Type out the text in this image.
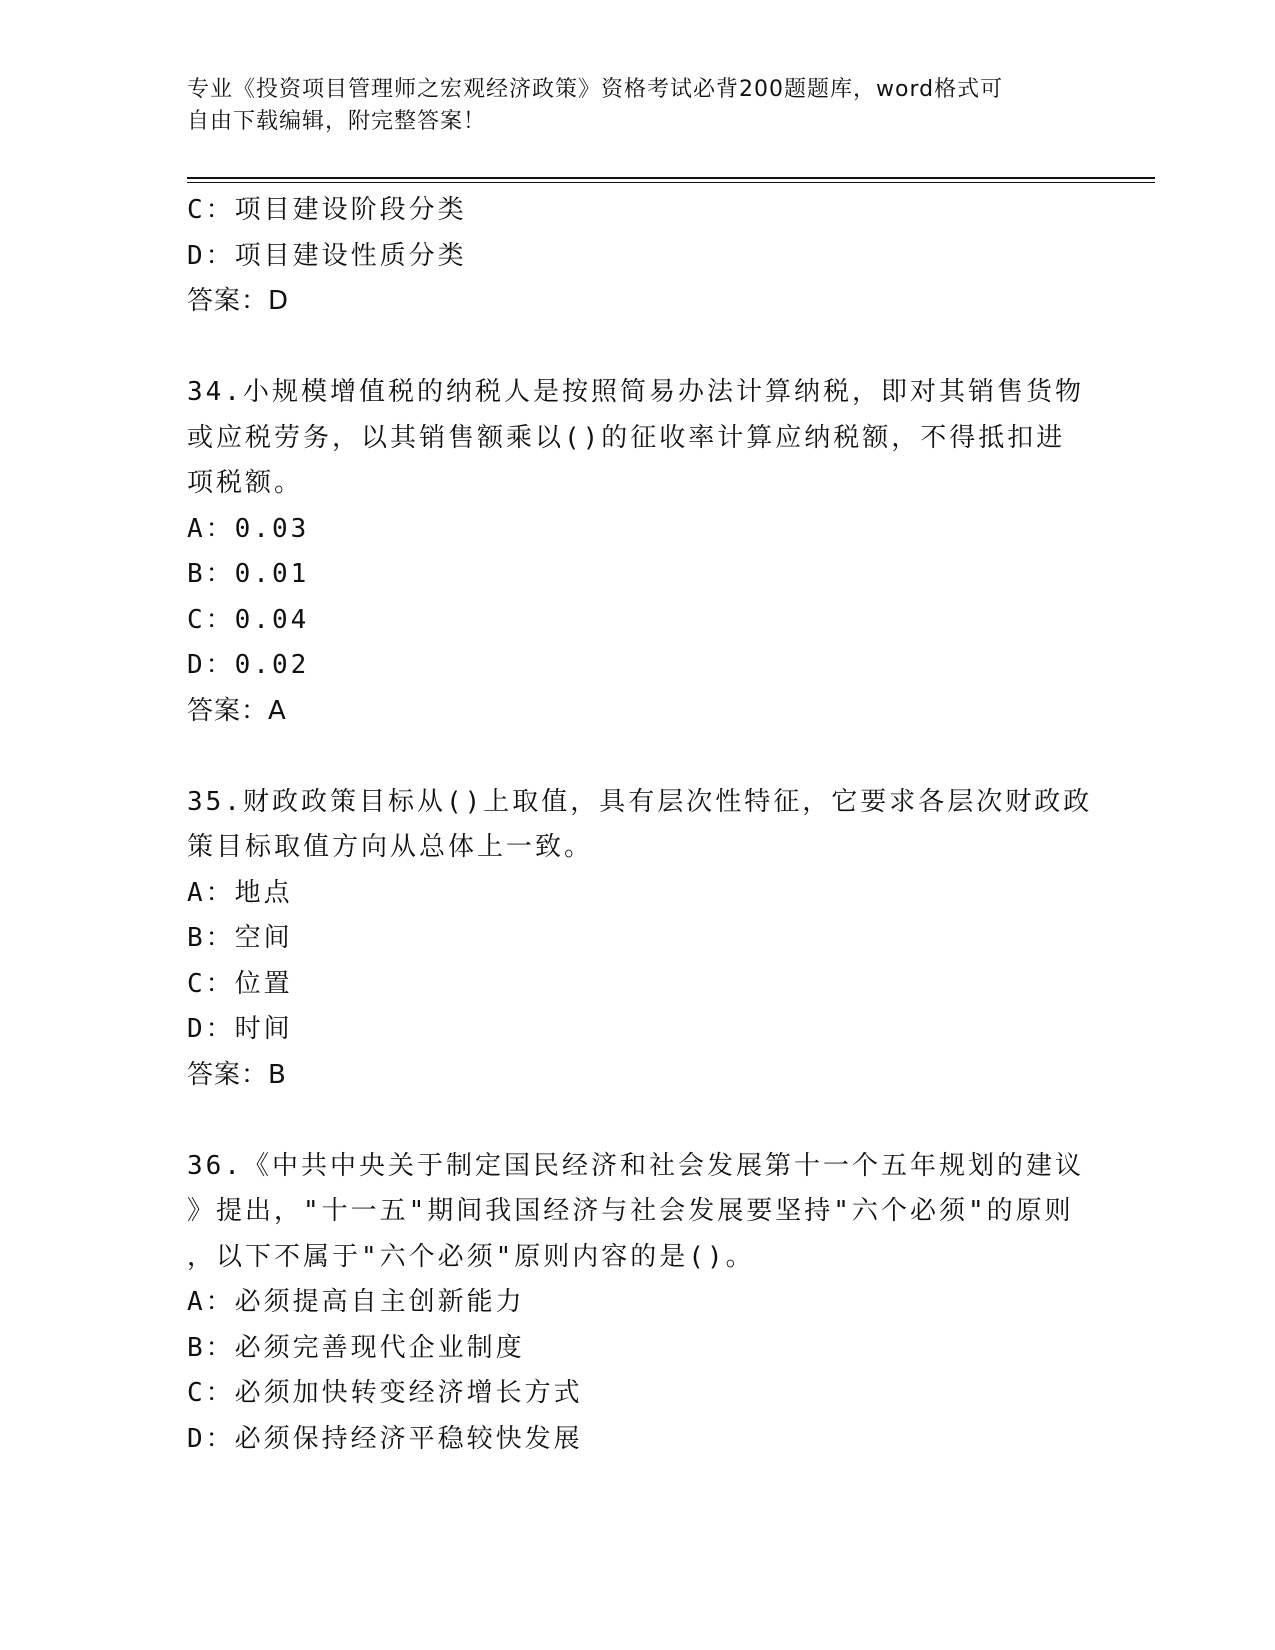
专业《投资项目管理师之宏观经济政策》资格考试必背200题题库，word格式可
自由下载编辑，附完整答案！

C：项目建设阶段分类

D：项目建设性质分类

答案：D

34.小规模增值税的纳税人是按照简易办法计算纳税，即对其销售货物

或应税劳务，以其销售额乘以()的征收率计算应纳税额，不得抵扣进

项税额。

A：0.03

B：0.01

C：0.04

D：0.02

答案：A

35.财政政策目标从()上取值，具有层次性特征，它要求各层次财政政

策目标取值方向从总体上一致。

A：地点

B：空间

C：位置

D：时间

答案：B

36.《中共中央关于制定国民经济和社会发展第十一个五年规划的建议

》提出，"十一五"期间我国经济与社会发展要坚持"六个必须"的原则

，以下不属于"六个必须"原则内容的是()。

A：必须提高自主创新能力

B：必须完善现代企业制度

C：必须加快转变经济增长方式

D：必须保持经济平稳较快发展
